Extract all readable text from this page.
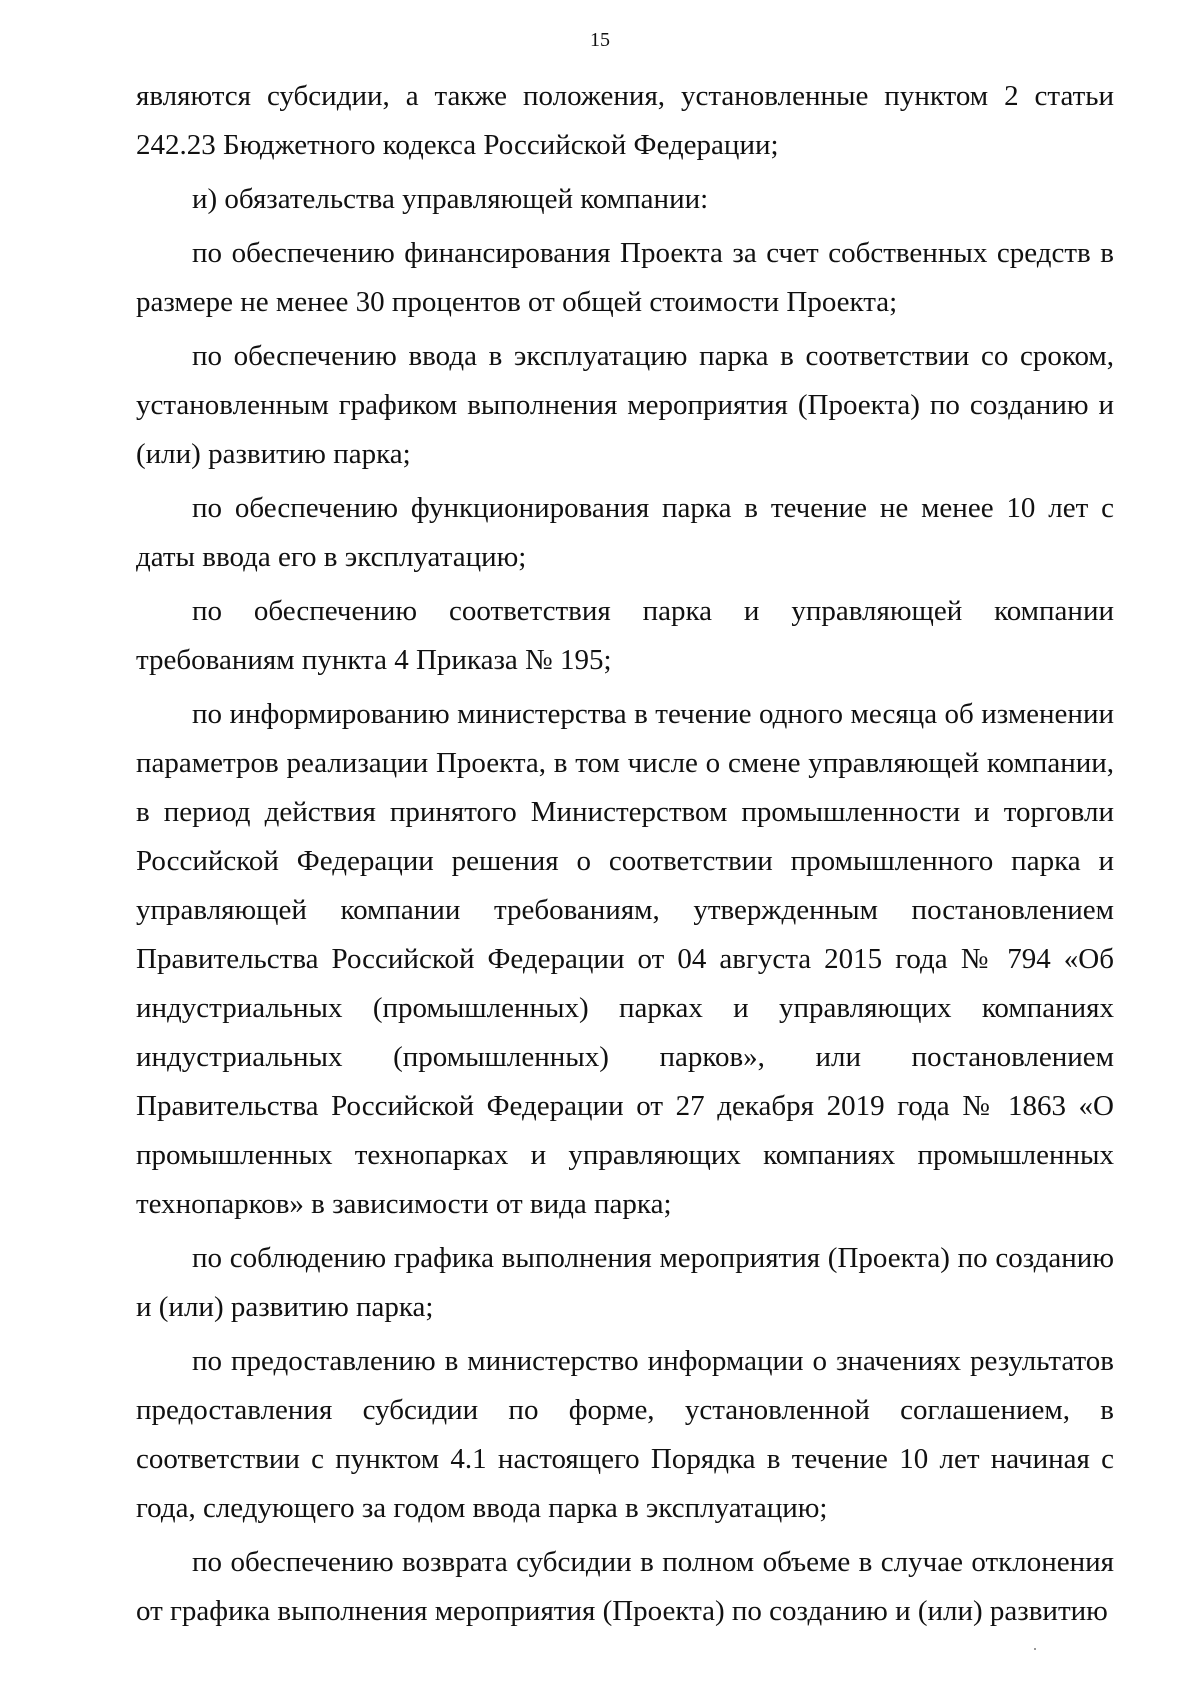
15

являются субсидии, а также положения, установленные пунктом 2 статьи 242.23 Бюджетного кодекса Российской Федерации;

и) обязательства управляющей компании:

по обеспечению финансирования Проекта за счет собственных средств в размере не менее 30 процентов от общей стоимости Проекта;

по обеспечению ввода в эксплуатацию парка в соответствии со сроком, установленным графиком выполнения мероприятия (Проекта) по созданию и (или) развитию парка;

по обеспечению функционирования парка в течение не менее 10 лет с даты ввода его в эксплуатацию;

по обеспечению соответствия парка и управляющей компании требованиям пункта 4 Приказа № 195;

по информированию министерства в течение одного месяца об изменении параметров реализации Проекта, в том числе о смене управляющей компании, в период действия принятого Министерством промышленности и торговли Российской Федерации решения о соответствии промышленного парка и управляющей компании требованиям, утвержденным постановлением Правительства Российской Федерации от 04 августа 2015 года № 794 «Об индустриальных (промышленных) парках и управляющих компаниях индустриальных (промышленных) парков», или постановлением Правительства Российской Федерации от 27 декабря 2019 года № 1863 «О промышленных технопарках и управляющих компаниях промышленных технопарков» в зависимости от вида парка;

по соблюдению графика выполнения мероприятия (Проекта) по созданию и (или) развитию парка;

по предоставлению в министерство информации о значениях результатов предоставления субсидии по форме, установленной соглашением, в соответствии с пунктом 4.1 настоящего Порядка в течение 10 лет начиная с года, следующего за годом ввода парка в эксплуатацию;

по обеспечению возврата субсидии в полном объеме в случае отклонения от графика выполнения мероприятия (Проекта) по созданию и (или) развитию
